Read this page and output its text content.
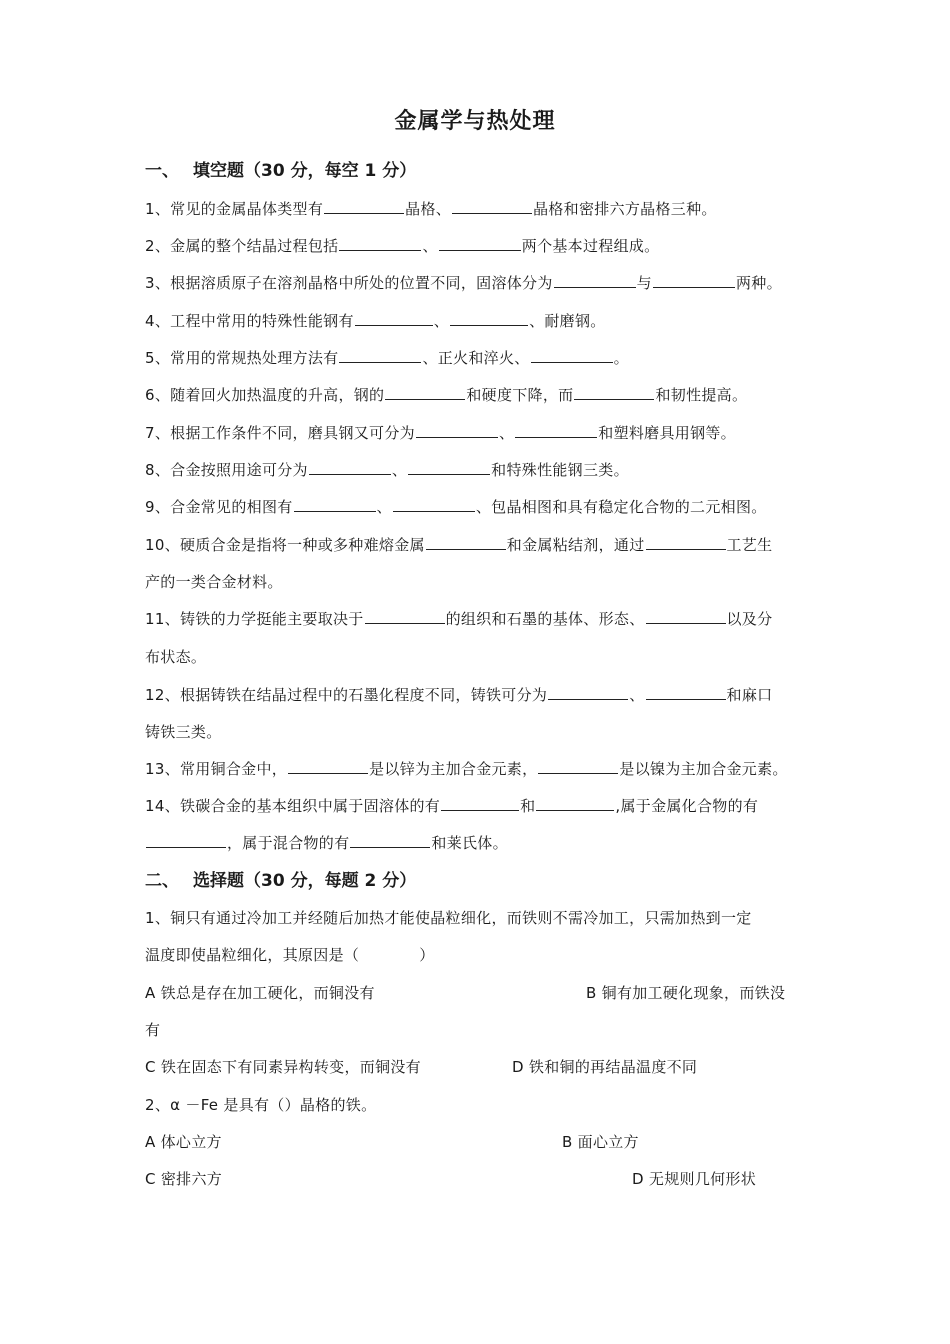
金属学与热处理
一、 填空题（30 分，每空 1 分）
1、常见的金属晶体类型有	晶格、	晶格和密排六方晶格三种。
2、金属的整个结晶过程包括	、	两个基本过程组成。
3、根据溶质原子在溶剂晶格中所处的位置不同，固溶体分为	与	两种。
4、工程中常用的特殊性能钢有	、	、耐磨钢。
5、常用的常规热处理方法有	、正火和淬火、	。
6、随着回火加热温度的升高，钢的	和硬度下降，而	和韧性提高。
7、根据工作条件不同，磨具钢又可分为	、	和塑料磨具用钢等。
8、合金按照用途可分为	、	和特殊性能钢三类。
9、合金常见的相图有	、	、包晶相图和具有稳定化合物的二元相图。
10、硬质合金是指将一种或多种难熔金属	和金属粘结剂，通过	工艺生
产的一类合金材料。
11、铸铁的力学挺能主要取决于	的组织和石墨的基体、形态、	以及分
布状态。
12、根据铸铁在结晶过程中的石墨化程度不同，铸铁可分为	、	和麻口
铸铁三类。
13、常用铜合金中，	是以锌为主加合金元素，	是以镍为主加合金元素。
14、铁碳合金的基本组织中属于固溶体的有	和	,属于金属化合物的有
，属于混合物的有	和莱氏体。
二、 选择题（30 分，每题 2 分）
1、铜只有通过冷加工并经随后加热才能使晶粒细化，而铁则不需冷加工，只需加热到一定
温度即使晶粒细化，其原因是（	）
A 铁总是存在加工硬化，而铜没有	B 铜有加工硬化现象，而铁没
有
C 铁在固态下有同素异构转变，而铜没有	D 铁和铜的再结晶温度不同
2、α －Fe 是具有（）晶格的铁。
A 体心立方	B 面心立方
C 密排六方	D 无规则几何形状
